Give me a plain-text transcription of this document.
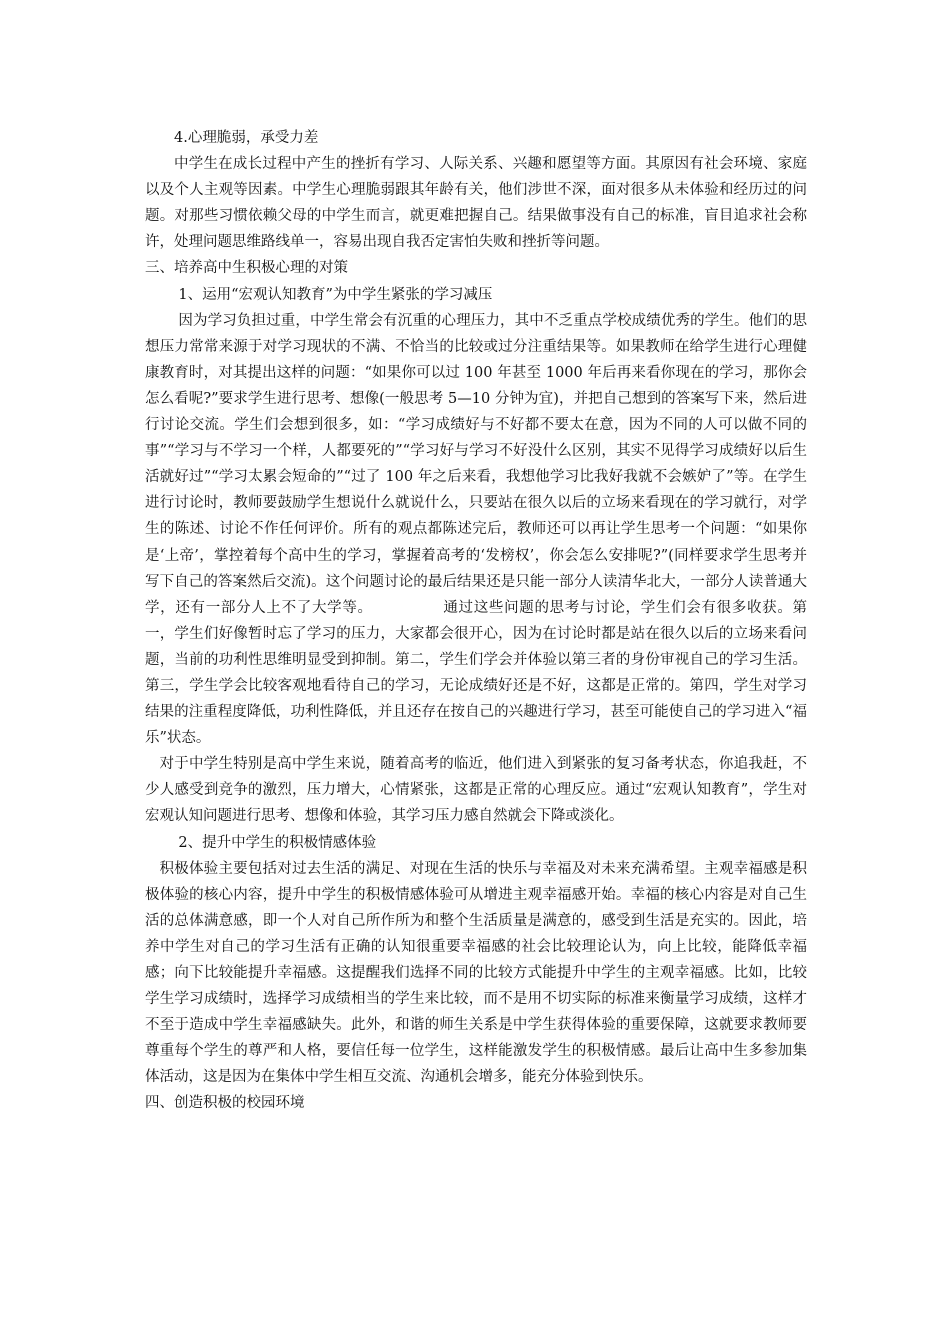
4.心理脆弱，承受力差

中学生在成长过程中产生的挫折有学习、人际关系、兴趣和愿望等方面。其原因有社会环境、家庭以及个人主观等因素。中学生心理脆弱跟其年龄有关，他们涉世不深，面对很多从未体验和经历过的问题。对那些习惯依赖父母的中学生而言，就更难把握自己。结果做事没有自己的标准，盲目追求社会称许，处理问题思维路线单一，容易出现自我否定害怕失败和挫折等问题。

三、培养高中生积极心理的对策

1、运用“宏观认知教育”为中学生紧张的学习减压

因为学习负担过重，中学生常会有沉重的心理压力，其中不乏重点学校成绩优秀的学生。他们的思想压力常常来源于对学习现状的不满、不恰当的比较或过分注重结果等。如果教师在给学生进行心理健康教育时，对其提出这样的问题：“如果你可以过 100 年甚至 1000 年后再来看你现在的学习，那你会怎么看呢?”要求学生进行思考、想像(一般思考 5—10 分钟为宜)，并把自己想到的答案写下来，然后进行讨论交流。学生们会想到很多，如：“学习成绩好与不好都不要太在意，因为不同的人可以做不同的事”“学习与不学习一个样，人都要死的”“学习好与学习不好没什么区别，其实不见得学习成绩好以后生活就好过”“学习太累会短命的”“过了 100 年之后来看，我想他学习比我好我就不会嫉妒了”等。在学生进行讨论时，教师要鼓励学生想说什么就说什么，只要站在很久以后的立场来看现在的学习就行，对学生的陈述、讨论不作任何评价。所有的观点都陈述完后，教师还可以再让学生思考一个问题：“如果你是‘上帝’，掌控着每个高中生的学习，掌握着高考的‘发榜权’，你会怎么安排呢?”(同样要求学生思考并写下自己的答案然后交流)。这个问题讨论的最后结果还是只能一部分人读清华北大，一部分人读普通大学，还有一部分人上不了大学等。	通过这些问题的思考与讨论，学生们会有很多收获。第一，学生们好像暂时忘了学习的压力，大家都会很开心，因为在讨论时都是站在很久以后的立场来看问题，当前的功利性思维明显受到抑制。第二，学生们学会并体验以第三者的身份审视自己的学习生活。第三，学生学会比较客观地看待自己的学习，无论成绩好还是不好，这都是正常的。第四，学生对学习结果的注重程度降低，功利性降低，并且还存在按自己的兴趣进行学习，甚至可能使自己的学习进入“福乐”状态。

对于中学生特别是高中学生来说，随着高考的临近，他们进入到紧张的复习备考状态，你追我赶，不少人感受到竞争的激烈，压力增大，心情紧张，这都是正常的心理反应。通过“宏观认知教育”，学生对宏观认知问题进行思考、想像和体验，其学习压力感自然就会下降或淡化。

2、提升中学生的积极情感体验

积极体验主要包括对过去生活的满足、对现在生活的快乐与幸福及对未来充满希望。主观幸福感是积极体验的核心内容，提升中学生的积极情感体验可从增进主观幸福感开始。幸福的核心内容是对自己生活的总体满意感，即一个人对自己所作所为和整个生活质量是满意的，感受到生活是充实的。因此，培养中学生对自己的学习生活有正确的认知很重要幸福感的社会比较理论认为，向上比较，能降低幸福感；向下比较能提升幸福感。这提醒我们选择不同的比较方式能提升中学生的主观幸福感。比如，比较学生学习成绩时，选择学习成绩相当的学生来比较，而不是用不切实际的标准来衡量学习成绩，这样才不至于造成中学生幸福感缺失。此外，和谐的师生关系是中学生获得体验的重要保障，这就要求教师要尊重每个学生的尊严和人格，要信任每一位学生，这样能激发学生的积极情感。最后让高中生多参加集体活动，这是因为在集体中学生相互交流、沟通机会增多，能充分体验到快乐。

四、创造积极的校园环境
